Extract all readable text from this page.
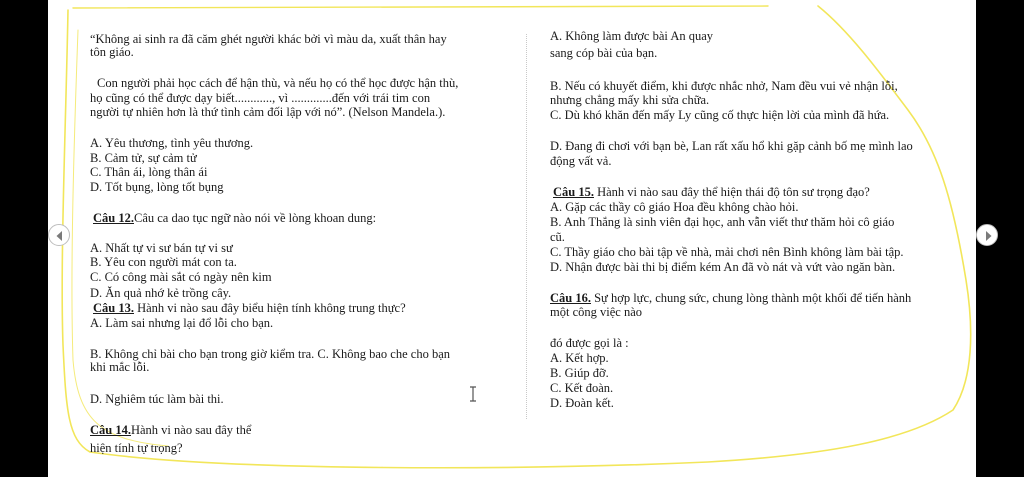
“Không ai sinh ra đã căm ghét người khác bởi vì màu da, xuất thân hay
tôn giáo.
Con người phải học cách để hận thù, và nếu họ có thể học được hận thù,
họ cũng có thể được dạy biết............, vì .............đến với trái tim con
người tự nhiên hơn là thứ tình cảm đối lập với nó”. (Nelson Mandela.).
A. Yêu thương, tình yêu thương.
B. Cảm tử, sự cảm tử
C. Thân ái, lòng thân ái
D. Tốt bụng, lòng tốt bụng
Câu 12.Câu ca dao tục ngữ nào nói về lòng khoan dung:
A. Nhất tự vi sư bán tự vi sư
B. Yêu con người mát con ta.
C. Có công mài sắt có ngày nên kim
D. Ăn quả nhớ kẻ trồng cây.
Câu 13. Hành vi nào sau đây biểu hiện tính không trung thực?
A. Làm sai nhưng lại đổ lỗi cho bạn.
B. Không chỉ bài cho bạn trong giờ kiểm tra. C. Không bao che cho bạn
khi mắc lỗi.
D. Nghiêm túc làm bài thi.
Câu 14.Hành vi nào sau đây thể
hiện tính tự trọng?
A. Không làm được bài An quay
sang cóp bài của bạn.
B. Nếu có khuyết điểm, khi được nhắc nhở, Nam đều vui vẻ nhận lỗi,
nhưng chẳng mấy khi sửa chữa.
C. Dù khó khăn đến mấy Ly cũng cố thực hiện lời của mình đã hứa.
D. Đang đi chơi với bạn bè, Lan rất xấu hổ khi gặp cảnh bố mẹ mình lao
động vất vả.
Câu 15. Hành vi nào sau đây thể hiện thái độ tôn sư trọng đạo?
A. Gặp các thầy cô giáo Hoa đều không chào hỏi.
B. Anh Thắng là sinh viên đại học, anh vẫn viết thư thăm hỏi cô giáo
cũ.
C. Thầy giáo cho bài tập về nhà, mải chơi nên Bình không làm bài tập.
D. Nhận được bài thi bị điểm kém An đã vò nát và vứt vào ngăn bàn.
Câu 16. Sự hợp lực, chung sức, chung lòng thành một khối để tiến hành
một công việc nào
đó được gọi là :
A. Kết hợp.
B. Giúp đỡ.
C. Kết đoàn.
D. Đoàn kết.
